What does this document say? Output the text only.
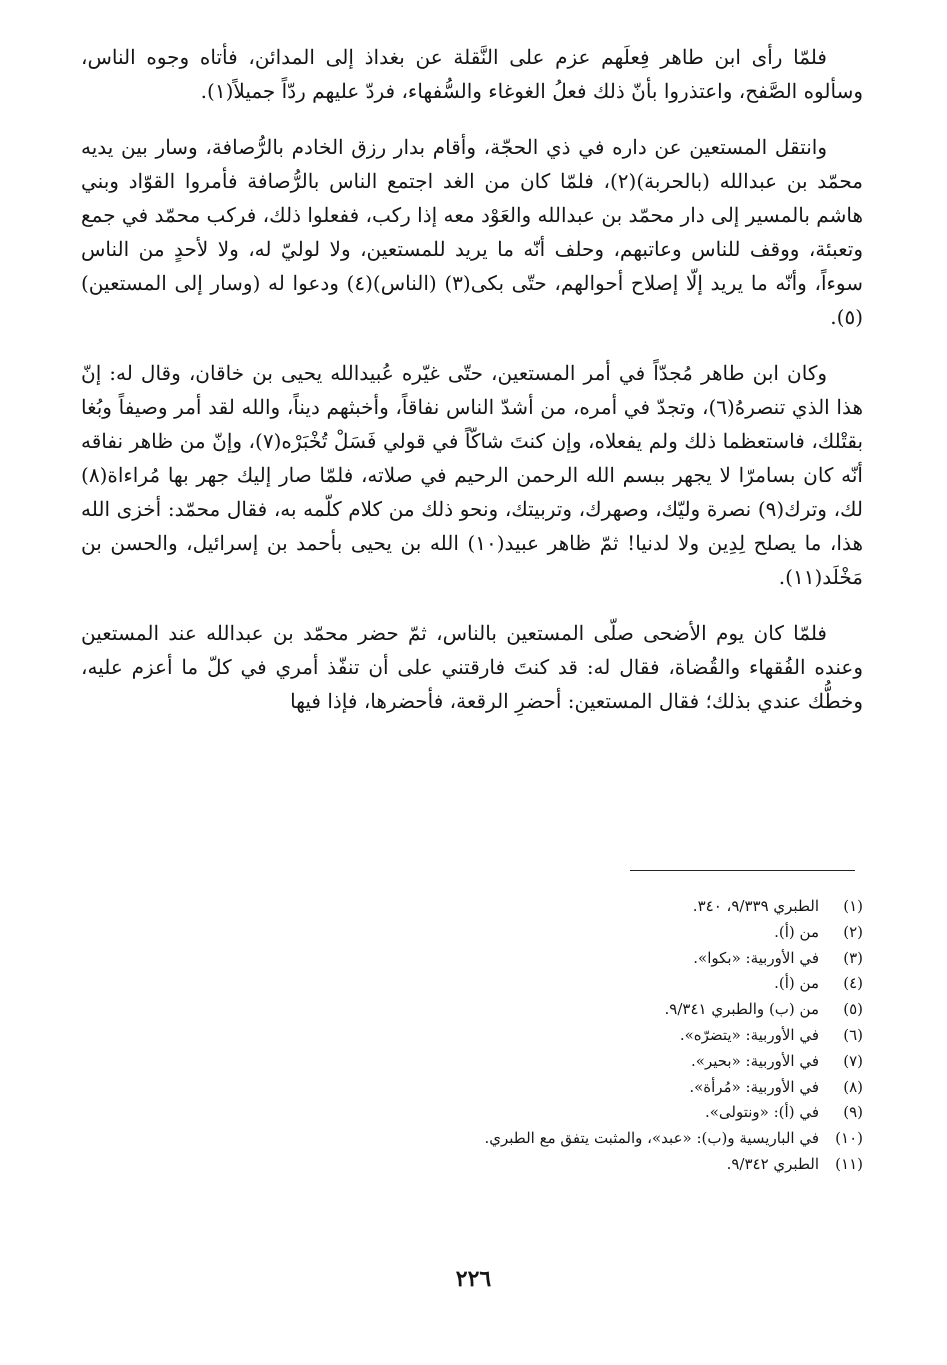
فلمّا رأى ابن طاهر فِعلَهم عزم على النَّقلة عن بغداذ إلى المدائن، فأتاه وجوه الناس، وسألوه الصَّفح، واعتذروا بأنّ ذلك فعلُ الغوغاء والسُّفهاء، فردّ عليهم ردّاً جميلاً(١).

وانتقل المستعين عن داره في ذي الحجّة، وأقام بدار رزق الخادم بالرُّصافة، وسار بين يديه محمّد بن عبدالله (بالحربة)(٢)، فلمّا كان من الغد اجتمع الناس بالرُّصافة فأمروا القوّاد وبني هاشم بالمسير إلى دار محمّد بن عبدالله والعَوْد معه إذا ركب، ففعلوا ذلك، فركب محمّد في جمع وتعبئة، ووقف للناس وعاتبهم، وحلف أنّه ما يريد للمستعين، ولا لوليّ له، ولا لأحدٍ من الناس سوءاً، وأنّه ما يريد إلّا إصلاح أحوالهم، حتّى بكى(٣) (الناس)(٤) ودعوا له (وسار إلى المستعين)(٥).

وكان ابن طاهر مُجدّاً في أمر المستعين، حتّى غيّره عُبيدالله يحيى بن خاقان، وقال له: إنّ هذا الذي تنصرهُ(٦)، وتجدّ في أمره، من أشدّ الناس نفاقاً، وأخبثهم ديناً، والله لقد أمر وصيفاً وبُغا بقتْلك، فاستعظما ذلك ولم يفعلاه، وإن كنتَ شاكّاً في قولي فَسَلْ تُخْبَرْه(٧)، وإنّ من ظاهر نفاقه أنّه كان بسامرّا لا يجهر ببسم الله الرحمن الرحيم في صلاته، فلمّا صار إليك جهر بها مُراءاة(٨) لك، وترك(٩) نصرة وليّك، وصهرك، وتربيتك، ونحو ذلك من كلام كلّمه به، فقال محمّد: أخزى الله هذا، ما يصلح لِدِين ولا لدنيا! ثمّ ظاهر عبيد(١٠) الله بن يحيى بأحمد بن إسرائيل، والحسن بن مَخْلَد(١١).

فلمّا كان يوم الأضحى صلّى المستعين بالناس، ثمّ حضر محمّد بن عبدالله عند المستعين وعنده الفُقهاء والقُضاة، فقال له: قد كنتَ فارقتني على أن تنفّذ أمري في كلّ ما أعزم عليه، وخطُّك عندي بذلك؛ فقال المستعين: أحضرِ الرقعة، فأحضرها، فإذا فيها

(١)
الطبري ٩/٣٣٩، ٣٤٠.
(٢)
من (أ).
(٣)
في الأوربية: «بكوا».
(٤)
من (أ).
(٥)
من (ب) والطبري ٩/٣٤١.
(٦)
في الأوربية: «يتضرّه».
(٧)
في الأوربية: «بحير».
(٨)
في الأوربية: «مُرأة».
(٩)
في (أ): «ونتولى».
(١٠)
في الباريسية و(ب): «عبد»، والمثبت يتفق مع الطبري.
(١١)
الطبري ٩/٣٤٢.
٢٢٦
